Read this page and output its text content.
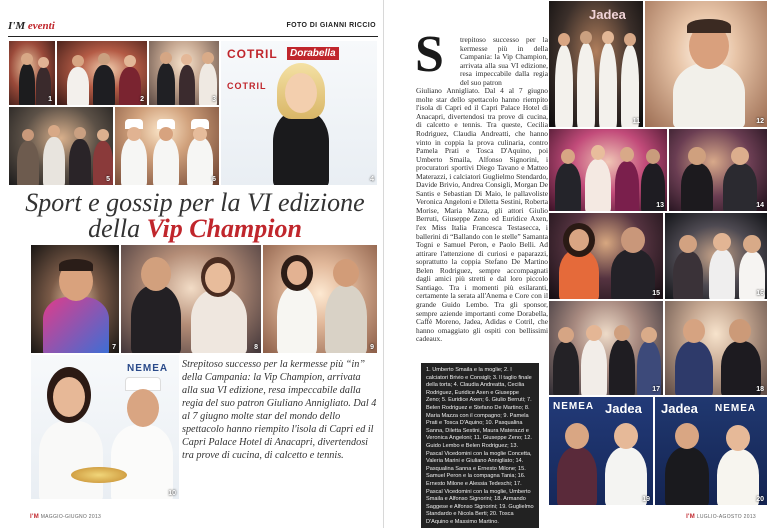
I'M eventi	FOTO DI GIANNI RICCIO
1	2	3
COTRIL	Dorabella
COTRIL
4
5	6
Sport e gossip per la VI edizione
della Vip Champion
7	8	9
NEMEA
10
Strepitoso successo per la kermesse più “in” della Campania: la Vip Champion, arrivata alla sua VI edizione, resa impeccabile dalla regia del suo patron Giuliano Annigliato. Dal 4 al 7 giugno molte star del mondo dello spettacolo hanno riempito l'isola di Capri ed il Capri Palace Hotel di Anacapri, divertendosi tra prove di cucina, di calcetto e tennis.
I'M MAGGIO-GIUGNO 2013
S	trepitoso successo per la kermesse più in della Campania: la Vip Champion, arrivata alla sua VI edizione, resa impeccabile dalla regia del suo patron
Giuliano Annigliato. Dal 4 al 7 giugno molte star dello spettacolo hanno riempito l'isola di Capri ed il Capri Palace Hotel di Anacapri, divertendosi tra prove di cucina, di calcetto e tennis. Tra queste, Cecilia Rodriguez, Claudia Andreatti, che hanno vinto in coppia la prova culinaria, contro Pamela Prati e Tosca D'Aquino, poi Umberto Smaila, Alfonso Signorini, i procuratori sportivi Diego Tavano e Matteo Materazzi, i calciatori Guglielmo Stendardo, Davide Brivio, Andrea Consigli, Morgan De Santis e Sebastian Di Maio, le pallavoliste Veronica Angeloni e Diletta Sestini, Roberta Morise, Maria Mazza, gli attori Giulio Berruti, Giuseppe Zeno ed Euridice Axen, l'ex Miss Italia Francesca Testasecca, i ballerini di “Ballando con le stelle” Samanta Togni e Samuel Peron, e Paolo Belli. Ad attirare l'attenzione di curiosi e paparazzi, soprattutto la coppia Stefano De Martino Belen Rodriguez, sempre accompagnati dagli amici più stretti e dal loro piccolo Santiago. Tra i momenti più esilaranti, certamente la serata all'Anema e Core con il grande Guido Lembo. Tra gli sponsor, sempre aziende importanti come Dorabella, Caffè Moreno, Jadea, Adidas e Cotril, che hanno omaggiato gli ospiti con bellissimi cadeaux.
Jadea
11	12
13	14
15	16
17	18
NEMEA Jadea
19
Jadea NEMEA
20
1. Umberto Smaila e la moglie; 2. I calciatori Brivio e Consigli; 3. Il taglio finale della torta; 4. Claudia Andreatta, Cecilia Rodriguez, Euridice Axen e Giuseppe Zeno; 5. Euridice Axen; 6. Giulio Berruti; 7. Belen Rodriguez e Stefano De Martino; 8. Maria Mazza con il compagno; 9. Pamela Prati e Tosca D'Aquino; 10. Pasqualina Sanna, Diletta Sestini, Maura Materazzi e Veronica Angeloni; 11. Giuseppe Zeno; 12. Guido Lembo e Belen Rodriguez; 13. Pascal Vicedomini con la moglie Concetta, Valeria Marini e Giuliano Annigliato; 14. Pasqualina Sanna e Ernesto Milone; 15. Samuel Peron e la compagna Tania; 16. Ernesto Milone e Alessia Tedeschi; 17. Pascal Vicedomini con la moglie, Umberto Smaila e Alfonso Signorini; 18. Armando Saggese e Alfonso Signorini; 19. Guglielmo Standardo e Nicola Berti; 20. Tosca D'Aquino e Massimo Martino.
I'M LUGLIO-AGOSTO 2013
